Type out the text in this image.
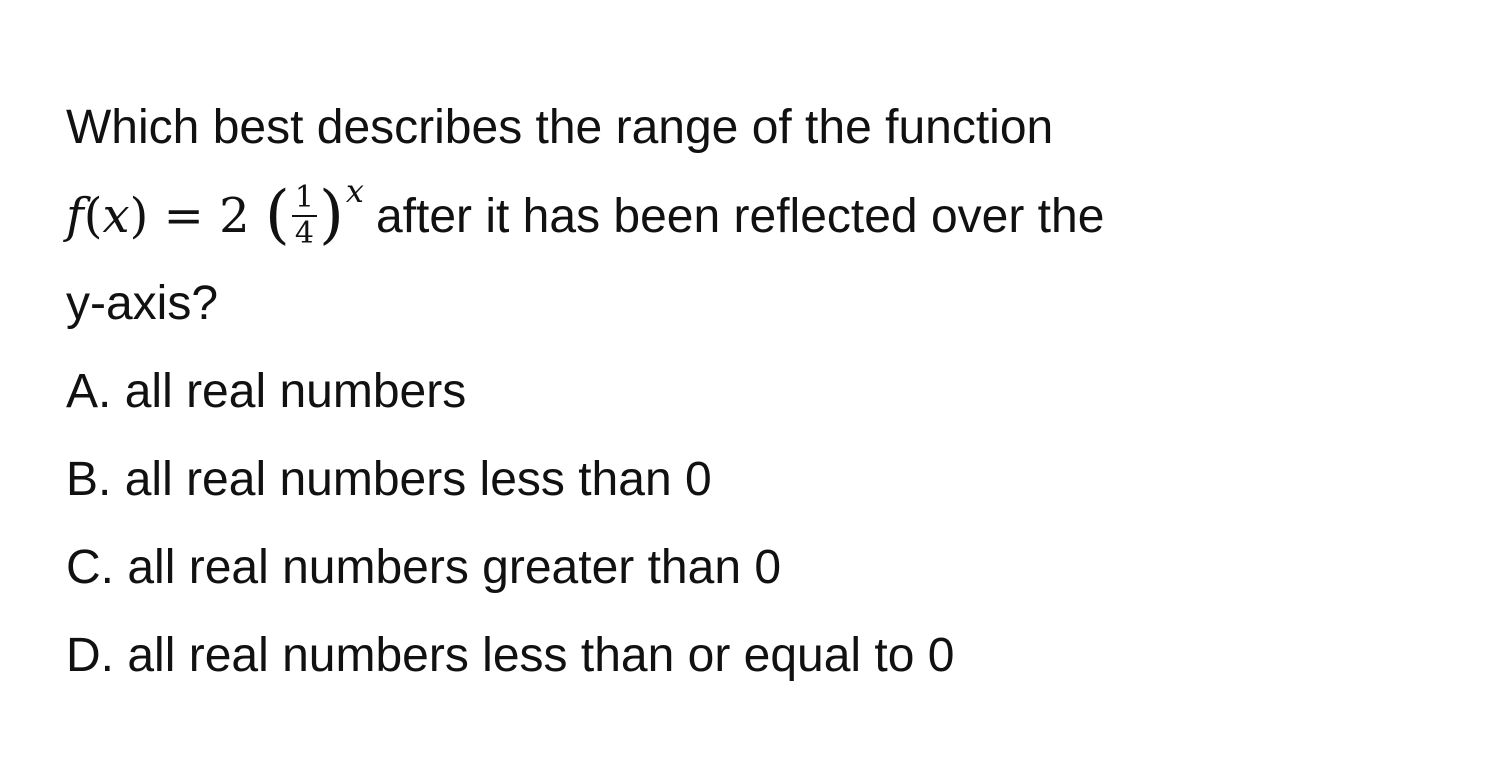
Which best describes the range of the function
f(x) = 2 ( $\frac{1}{4} )x$ after it has been reflected over the
y-axis?
A. all real numbers
B. all real numbers less than 0
C. all real numbers greater than 0
D. all real numbers less than or equal to 0
